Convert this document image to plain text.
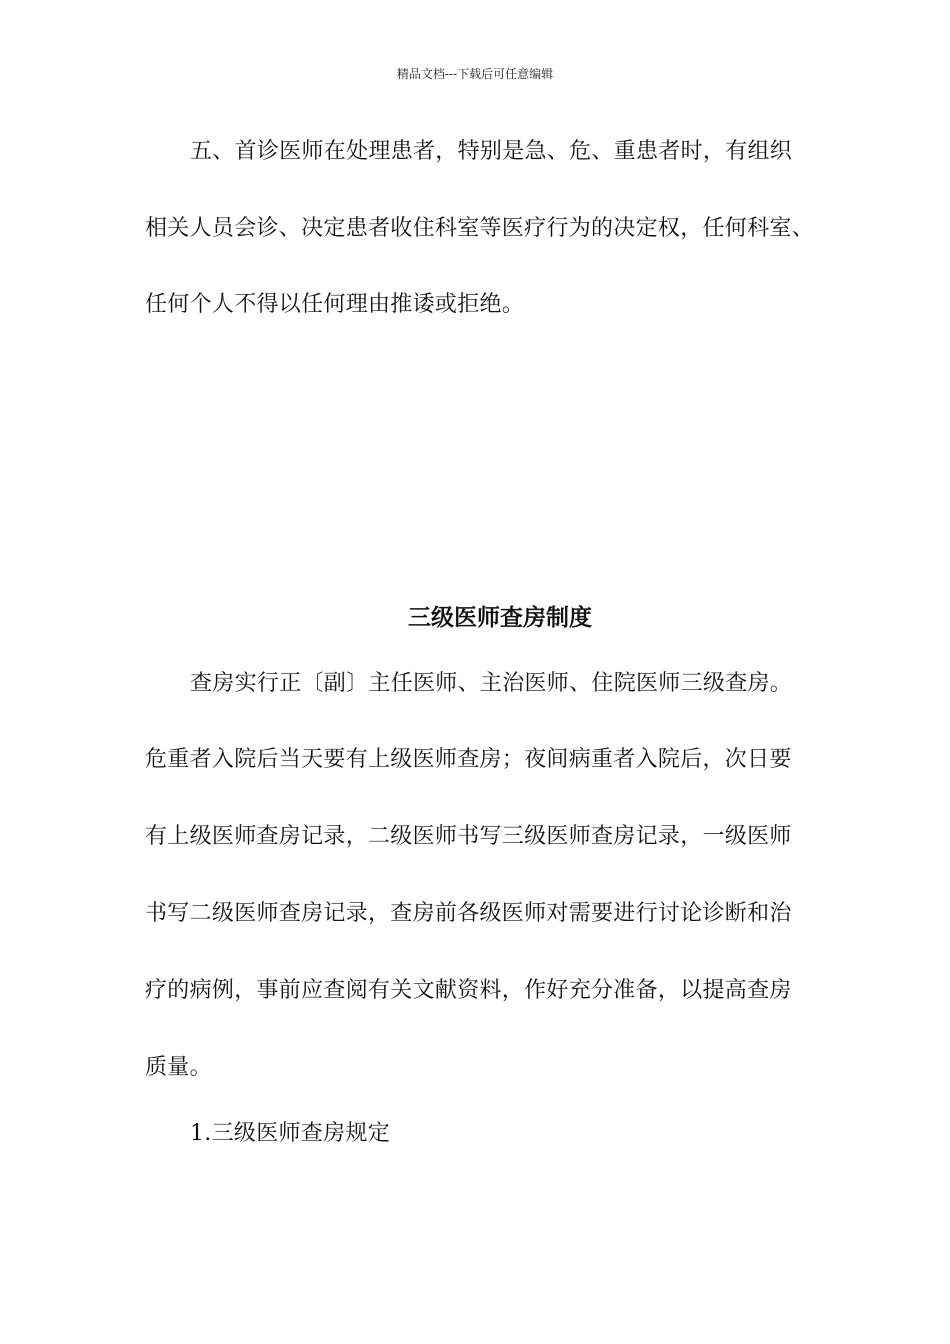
精品文档---下载后可任意编辑
五、首诊医师在处理患者，特别是急、危、重患者时，有组织
相关人员会诊、决定患者收住科室等医疗行为的决定权，任何科室、
任何个人不得以任何理由推诿或拒绝。
三级医师查房制度
查房实行正〔副〕主任医师、主治医师、住院医师三级查房。
危重者入院后当天要有上级医师查房；夜间病重者入院后，次日要
有上级医师查房记录，二级医师书写三级医师查房记录，一级医师
书写二级医师查房记录，查房前各级医师对需要进行讨论诊断和治
疗的病例，事前应查阅有关文献资料，作好充分准备，以提高查房
质量。
1.三级医师查房规定
